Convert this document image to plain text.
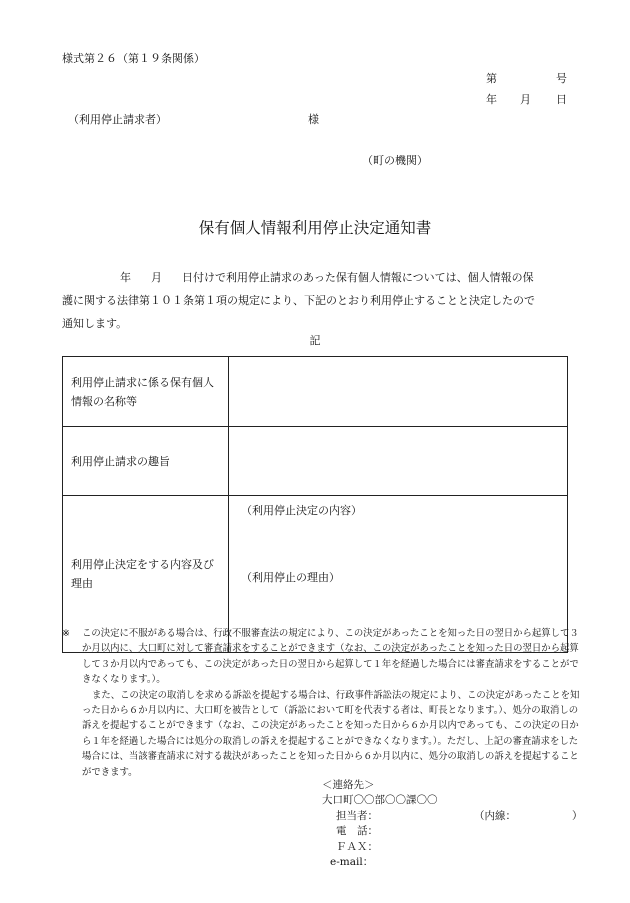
様式第２６（第１９条関係）
第	号
年 月 日
（利用停止請求者）	様
（町の機関）
保有個人情報利用停止決定通知書
年 月 日付けで利用停止請求のあった保有個人情報については、個人情報の保
護に関する法律第１０１条第１項の規定により、下記のとおり利用停止することと決定したので
通知します。
記
利用停止請求に係る保有個人情報の名称等	
利用停止請求の趣旨	
利用停止決定をする内容及び理由	（利用停止決定の内容）
（利用停止の理由）
※	この決定に不服がある場合は、行政不服審査法の規定により、この決定があったことを知った日の翌日から起算して３か月以内に、大口町に対して審査請求をすることができます（なお、この決定があったことを知った日の翌日から起算して３か月以内であっても、この決定があった日の翌日から起算して１年を経過した場合には審査請求をすることができなくなります。）。
また、この決定の取消しを求める訴訟を提起する場合は、行政事件訴訟法の規定により、この決定があったことを知った日から６か月以内に、大口町を被告として（訴訟において町を代表する者は、町長となります。）、処分の取消しの訴えを提起することができます（なお、この決定があったことを知った日から６か月以内であっても、この決定の日から１年を経過した場合には処分の取消しの訴えを提起することができなくなります。）。ただし、上記の審査請求をした場合には、当該審査請求に対する裁決があったことを知った日から６か月以内に、処分の取消しの訴えを提起することができます。
＜連絡先＞
大口町〇〇部〇〇課〇〇
担当者：	（内線：	）
電　話：
ＦＡＸ：
e-mail：
